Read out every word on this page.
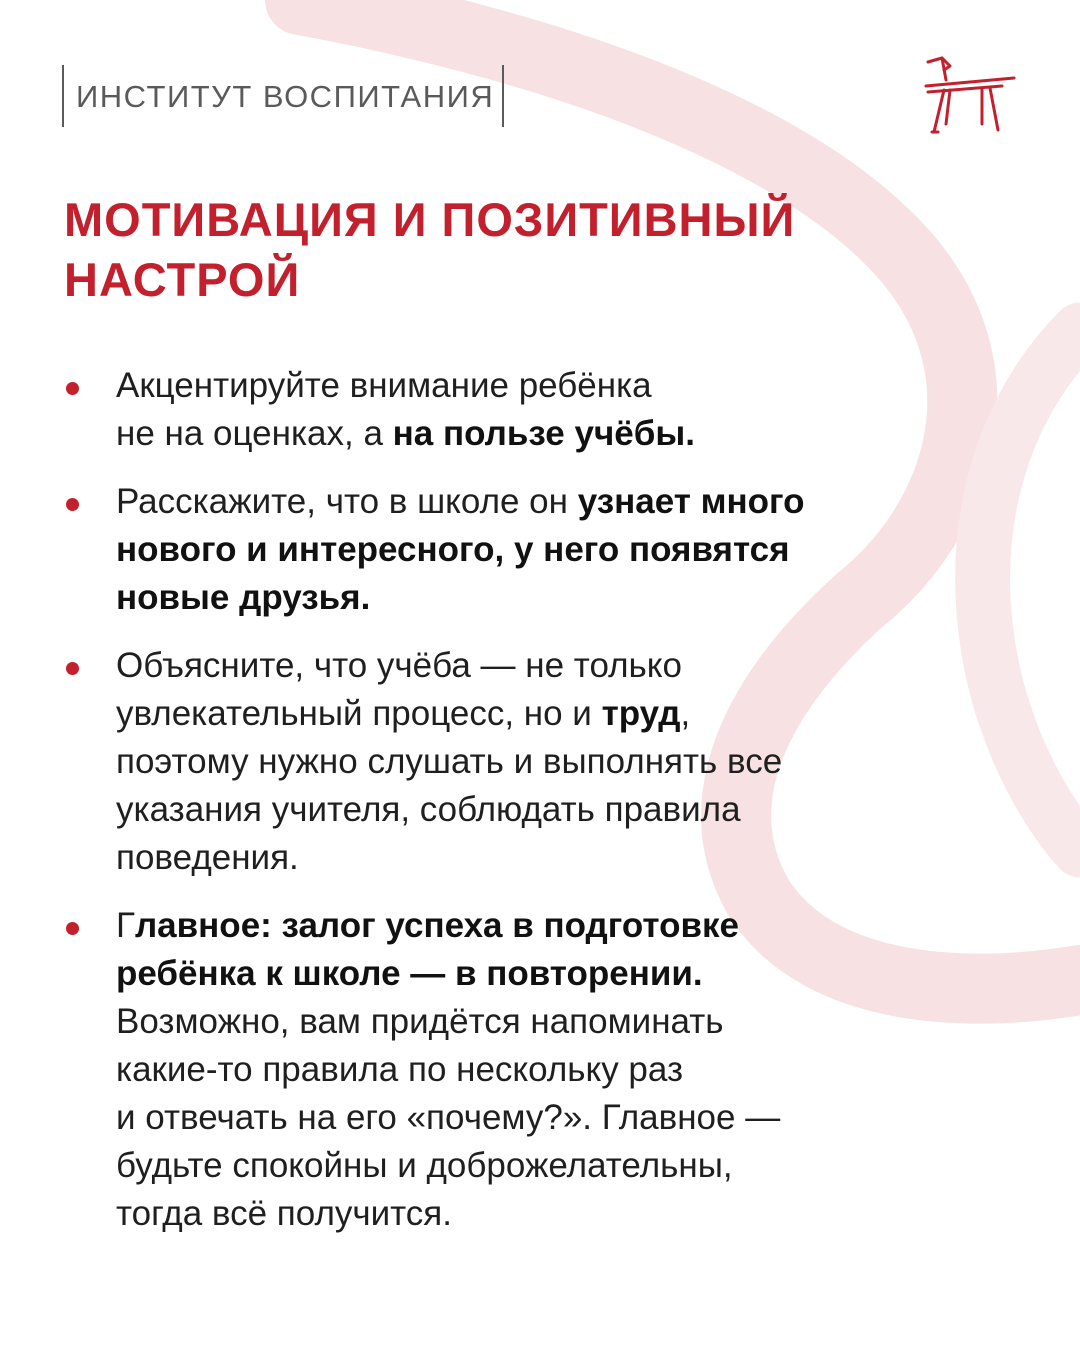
ИНСТИТУТ ВОСПИТАНИЯ
МОТИВАЦИЯ И ПОЗИТИВНЫЙ
НАСТРОЙ
Акцентируйте внимание ребёнка
не на оценках, а на пользе учёбы.
Расскажите, что в школе он узнает много
нового и интересного, у него появятся
новые друзья.
Объясните, что учёба — не только
увлекательный процесс, но и труд,
поэтому нужно слушать и выполнять все
указания учителя, соблюдать правила
поведения.
Главное: залог успеха в подготовке
ребёнка к школе — в повторении.
Возможно, вам придётся напоминать
какие-то правила по нескольку раз
и отвечать на его «почему?». Главное —
будьте спокойны и доброжелательны,
тогда всё получится.
